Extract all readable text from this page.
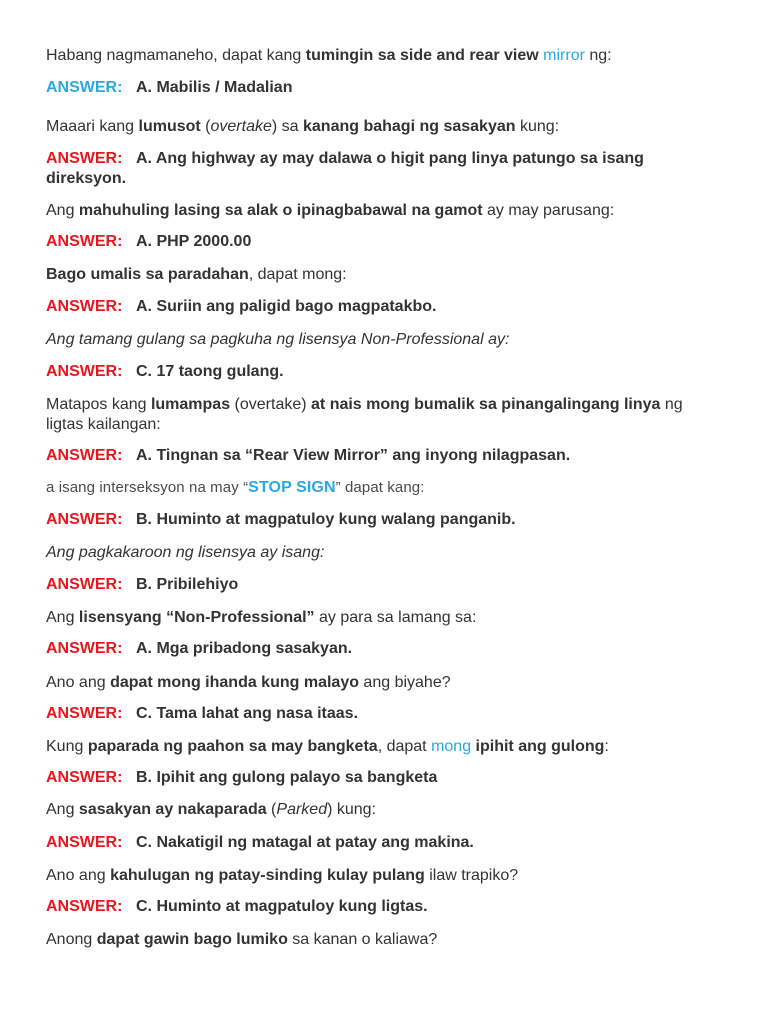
Habang nagmamaneho, dapat kang tumingin sa side and rear view mirror ng:
ANSWER: A. Mabilis / Madalian
Maaari kang lumusot (overtake) sa kanang bahagi ng sasakyan kung:
ANSWER: A. Ang highway ay may dalawa o higit pang linya patungo sa isang
direksyon.
Ang mahuhuling lasing sa alak o ipinagbabawal na gamot ay may parusang:
ANSWER: A. PHP 2000.00
Bago umalis sa paradahan, dapat mong:
ANSWER: A. Suriin ang paligid bago magpatakbo.
Ang tamang gulang sa pagkuha ng lisensya Non-Professional ay:
ANSWER: C. 17 taong gulang.
Matapos kang lumampas (overtake) at nais mong bumalik sa pinangalingang linya ng
ligtas kailangan:
ANSWER: A. Tingnan sa “Rear View Mirror” ang inyong nilagpasan.
a isang interseksyon na may “STOP SIGN” dapat kang:
ANSWER: B. Huminto at magpatuloy kung walang panganib.
Ang pagkakaroon ng lisensya ay isang:
ANSWER: B. Pribilehiyo
Ang lisensyang “Non-Professional” ay para sa lamang sa:
ANSWER: A. Mga pribadong sasakyan.
Ano ang dapat mong ihanda kung malayo ang biyahe?
ANSWER: C. Tama lahat ang nasa itaas.
Kung paparada ng paahon sa may bangketa, dapat mong ipihit ang gulong:
ANSWER: B. Ipihit ang gulong palayo sa bangketa
Ang sasakyan ay nakaparada (Parked) kung:
ANSWER: C. Nakatigil ng matagal at patay ang makina.
Ano ang kahulugan ng patay-sinding kulay pulang ilaw trapiko?
ANSWER: C. Huminto at magpatuloy kung ligtas.
Anong dapat gawin bago lumiko sa kanan o kaliawa?
